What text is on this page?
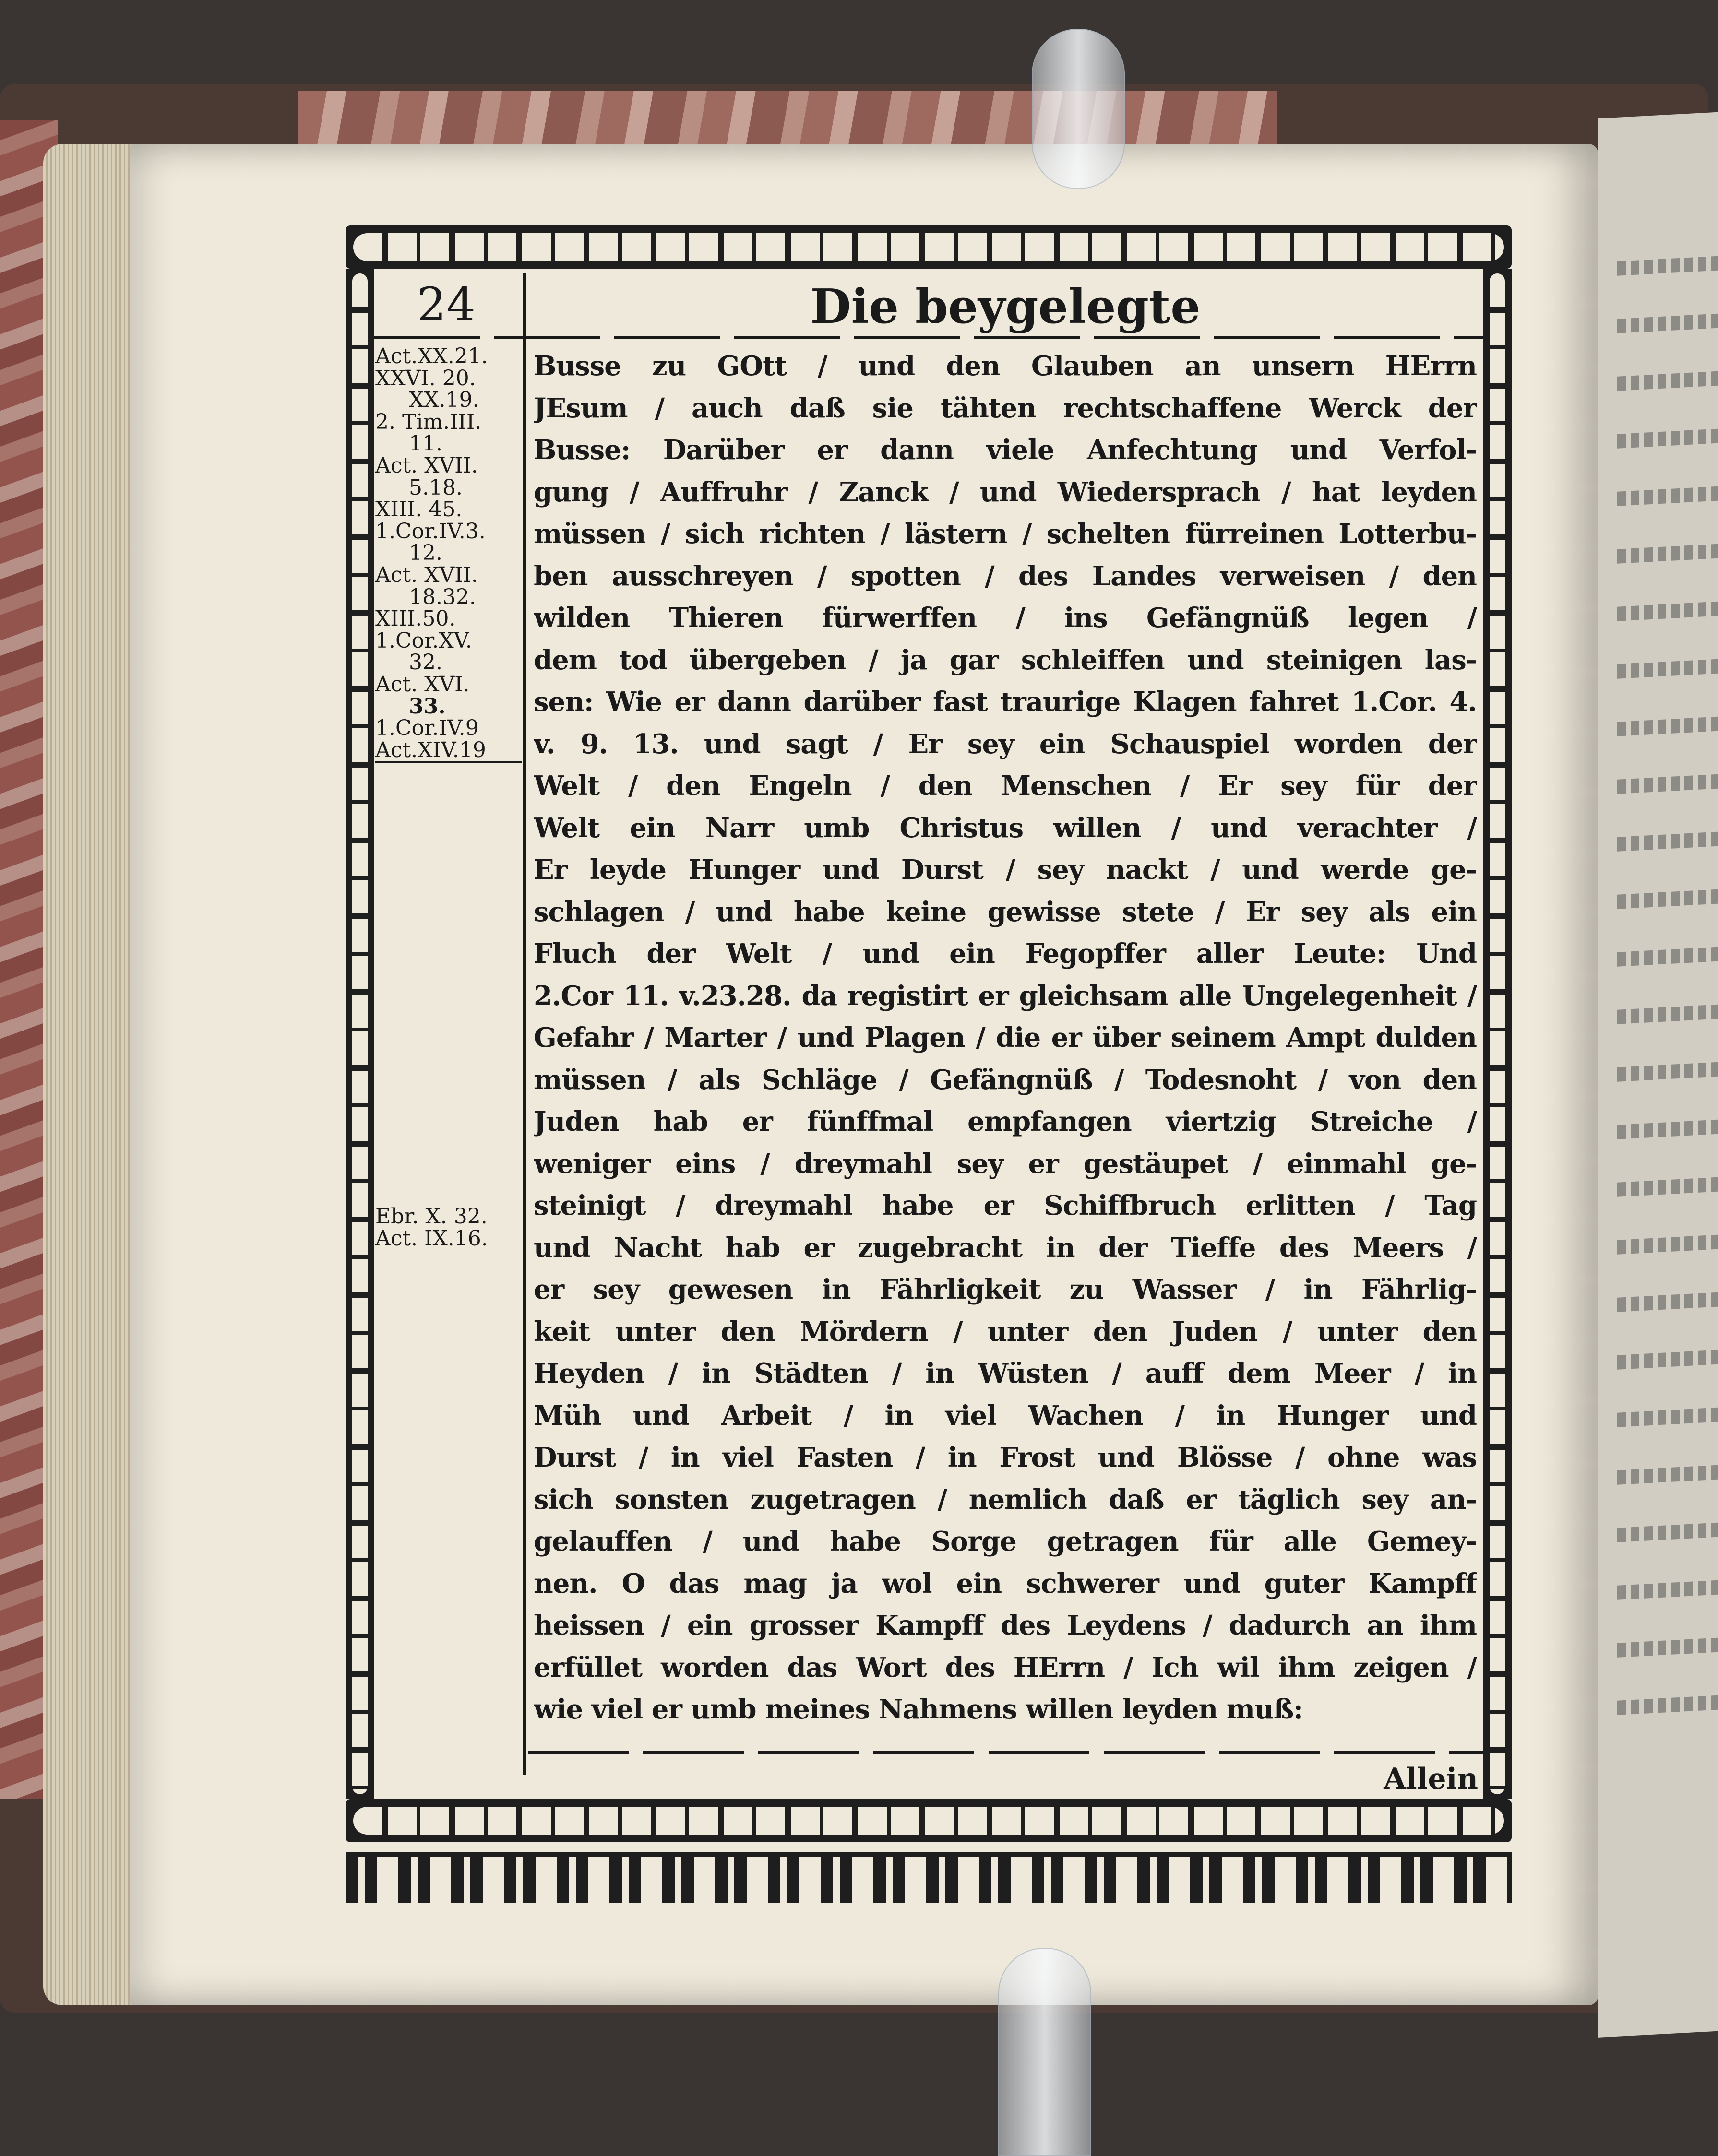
24	Die beygelegte
Act.XX.21.
XXVI. 20.
XX.19.
2. Tim.III.
11.
Act. XVII.
5.18.
XIII. 45.
1.Cor.IV.3.
12.
Act. XVII.
18.32.
XIII.50.
1.Cor.XV.
32.
Act. XVI.
33.
1.Cor.IV.9
Act.XIV.19
Ebr. X. 32.
Act. IX.16.
Busse zu GOtt / und den Glauben an unsern HErrn
JEsum / auch daß sie tähten rechtschaffene Werck der
Busse: Darüber er dann viele Anfechtung und Verfol-
gung / Auffruhr / Zanck / und Wiedersprach / hat leyden
müssen / sich richten / lästern / schelten fürreinen Lotterbu-
ben ausschreyen / spotten / des Landes verweisen / den
wilden Thieren fürwerffen / ins Gefängnüß legen /
dem tod übergeben / ja gar schleiffen und steinigen las-
sen: Wie er dann darüber fast traurige Klagen fahret 1.Cor. 4.
v. 9. 13. und sagt / Er sey ein Schauspiel worden der
Welt / den Engeln / den Menschen / Er sey für der
Welt ein Narr umb Christus willen / und verachter /
Er leyde Hunger und Durst / sey nackt / und werde ge-
schlagen / und habe keine gewisse stete / Er sey als ein
Fluch der Welt / und ein Fegopffer aller Leute: Und
2.Cor 11. v.23.28. da registirt er gleichsam alle Ungelegenheit /
Gefahr / Marter / und Plagen / die er über seinem Ampt dulden
müssen / als Schläge / Gefängnüß / Todesnoht / von den
Juden hab er fünffmal empfangen viertzig Streiche /
weniger eins / dreymahl sey er gestäupet / einmahl ge-
steinigt / dreymahl habe er Schiffbruch erlitten / Tag
und Nacht hab er zugebracht in der Tieffe des Meers /
er sey gewesen in Fährligkeit zu Wasser / in Fährlig-
keit unter den Mördern / unter den Juden / unter den
Heyden / in Städten / in Wüsten / auff dem Meer / in
Müh und Arbeit / in viel Wachen / in Hunger und
Durst / in viel Fasten / in Frost und Blösse / ohne was
sich sonsten zugetragen / nemlich daß er täglich sey an-
gelauffen / und habe Sorge getragen für alle Gemey-
nen. O das mag ja wol ein schwerer und guter Kampff
heissen / ein grosser Kampff des Leydens / dadurch an ihm
erfüllet worden das Wort des HErrn / Ich wil ihm zeigen /
wie viel er umb meines Nahmens willen leyden muß:
Allein
